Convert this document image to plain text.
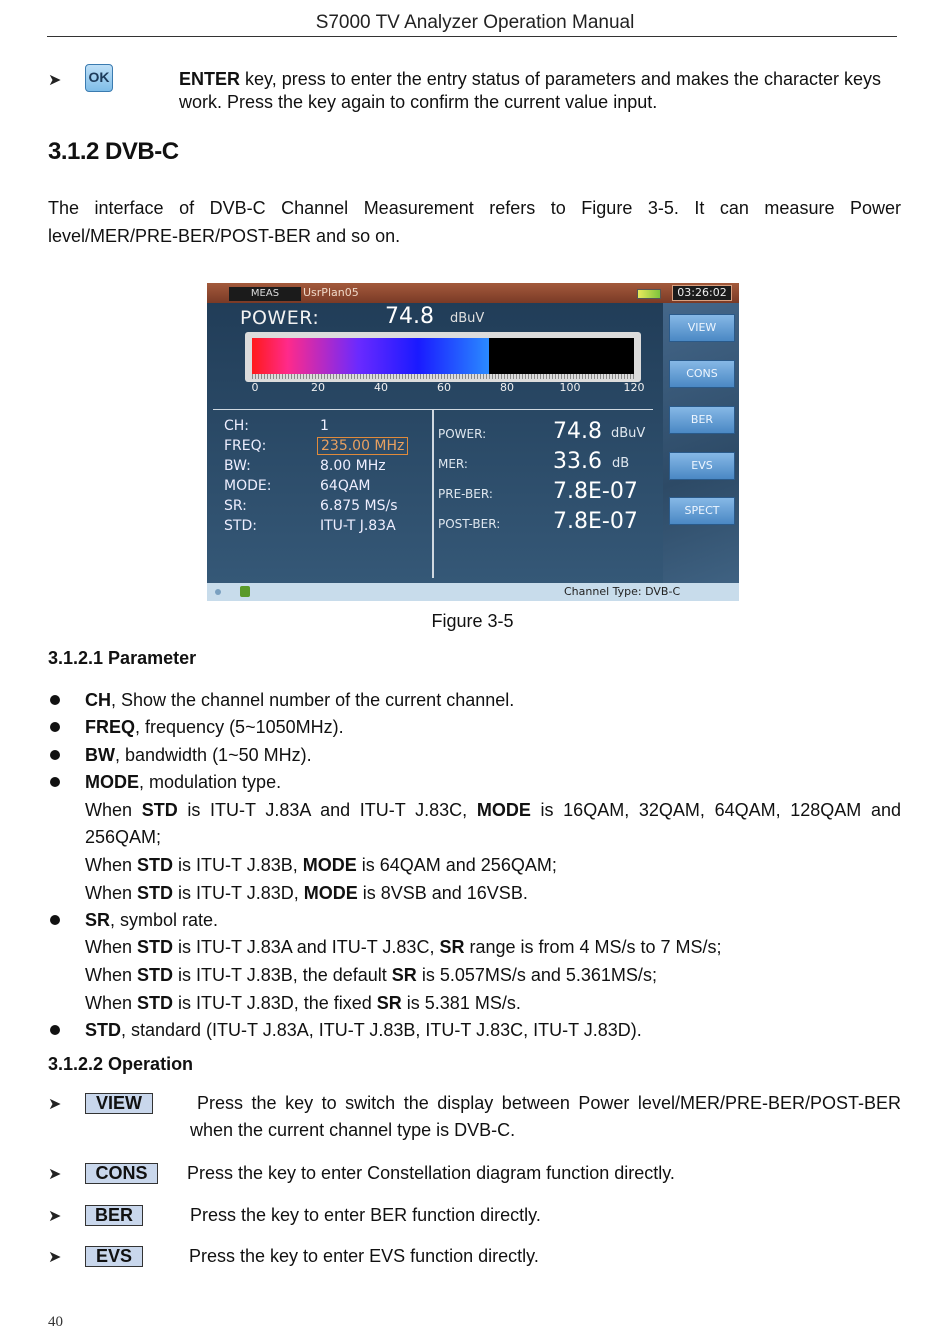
S7000 TV Analyzer Operation Manual
➤ OK	ENTER key, press to enter the entry status of parameters and makes the character keys
work. Press the key again to confirm the current value input.
3.1.2 DVB-C
The interface of DVB-C Channel Measurement refers to Figure 3-5. It can measure Power
level/MER/PRE-BER/POST-BER and so on.
MEAS	UsrPlan05	03:26:02
POWER:	74.8 dBuV
0	20	40	60	80	100	120
CH:	1
FREQ:	235.00 MHz
BW:	8.00 MHz
MODE:	64QAM
SR:	6.875 MS/s
STD:	ITU-T J.83A
POWER:	74.8 dBuV
MER:	33.6 dB
PRE-BER:	7.8E-07
POST-BER: 7.8E-07
VIEW
CONS
BER
EVS
SPECT
Channel Type: DVB-C
Figure 3-5
3.1.2.1 Parameter
CH, Show the channel number of the current channel.
FREQ, frequency (5~1050MHz).
BW, bandwidth (1~50 MHz).
MODE, modulation type.
When STD is ITU-T J.83A and ITU-T J.83C, MODE is 16QAM, 32QAM, 64QAM, 128QAM and
256QAM;
When STD is ITU-T J.83B, MODE is 64QAM and 256QAM;
When STD is ITU-T J.83D, MODE is 8VSB and 16VSB.
SR, symbol rate.
When STD is ITU-T J.83A and ITU-T J.83C, SR range is from 4 MS/s to 7 MS/s;
When STD is ITU-T J.83B, the default SR is 5.057MS/s and 5.361MS/s;
When STD is ITU-T J.83D, the fixed SR is 5.381 MS/s.
STD, standard (ITU-T J.83A, ITU-T J.83B, ITU-T J.83C, ITU-T J.83D).
3.1.2.2 Operation
➤	VIEW	Press the key to switch the display between Power level/MER/PRE-BER/POST-BER
when the current channel type is DVB-C.
➤	CONS	Press the key to enter Constellation diagram function directly.
➤	BER	Press the key to enter BER function directly.
➤	EVS	Press the key to enter EVS function directly.
40
